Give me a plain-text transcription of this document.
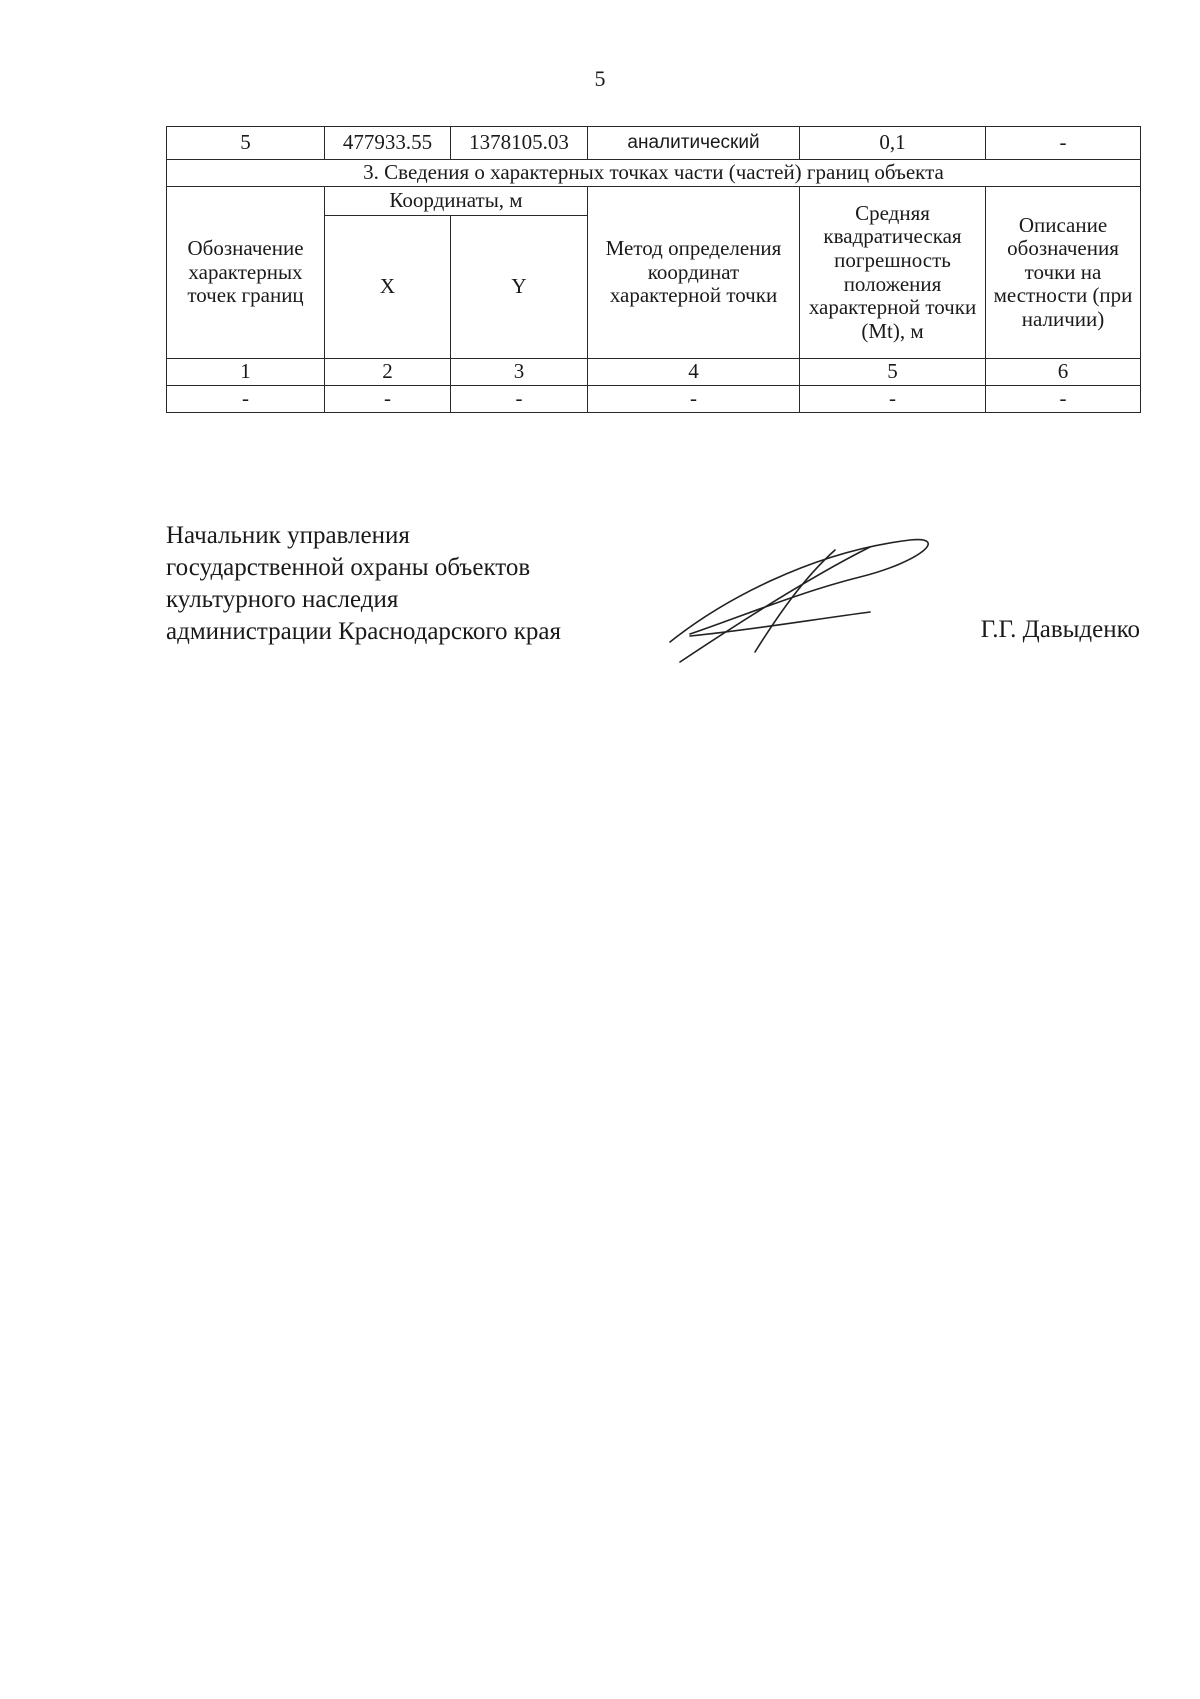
5
5	477933.55	1378105.03	аналитический	0,1	-
3. Сведения о характерных точках части (частей) границ объекта					
Обозначение характерных точек границ	Координаты, м		Метод определения координат характерной точки	Средняя квадратическая погрешность положения характерной точки (Mt), м	Описание обозначения точки на местности (при наличии)
	X	Y			
1	2	3	4	5	6
-	-	-	-	-	-
Начальник управления
государственной охраны объектов
культурного наследия
администрации Краснодарского края	Г.Г. Давыденко
